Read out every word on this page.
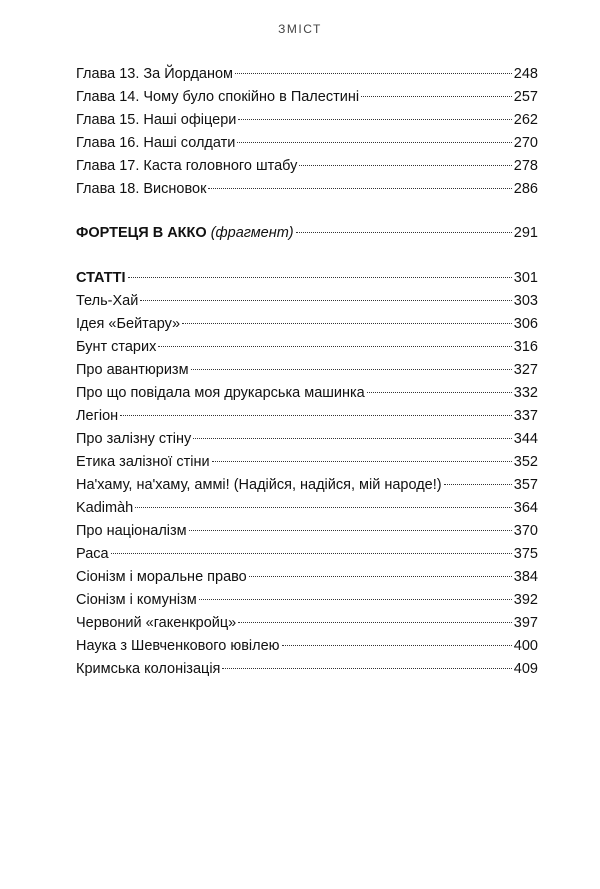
ЗМІСТ
Глава 13. За Йорданом	248
Глава 14. Чому було спокійно в Палестині	257
Глава 15. Наші офіцери	262
Глава 16. Наші солдати	270
Глава 17. Каста головного штабу	278
Глава 18. Висновок	286
ФОРТЕЦЯ В АККО (фрагмент)	291
СТАТТІ	301
Тель-Хай	303
Ідея «Бейтару»	306
Бунт старих	316
Про авантюризм	327
Про що повідала моя друкарська машинка	332
Легіон	337
Про залізну стіну	344
Етика залізної стіни	352
На'хаму, на'хаму, аммі! (Надійся, надійся, мій народе!)	357
Kadimàh	364
Про націоналізм	370
Раса	375
Сіонізм і моральне право	384
Сіонізм і комунізм	392
Червоний «гакенкройц»	397
Наука з Шевченкового ювілею	400
Кримська колонізація	409
